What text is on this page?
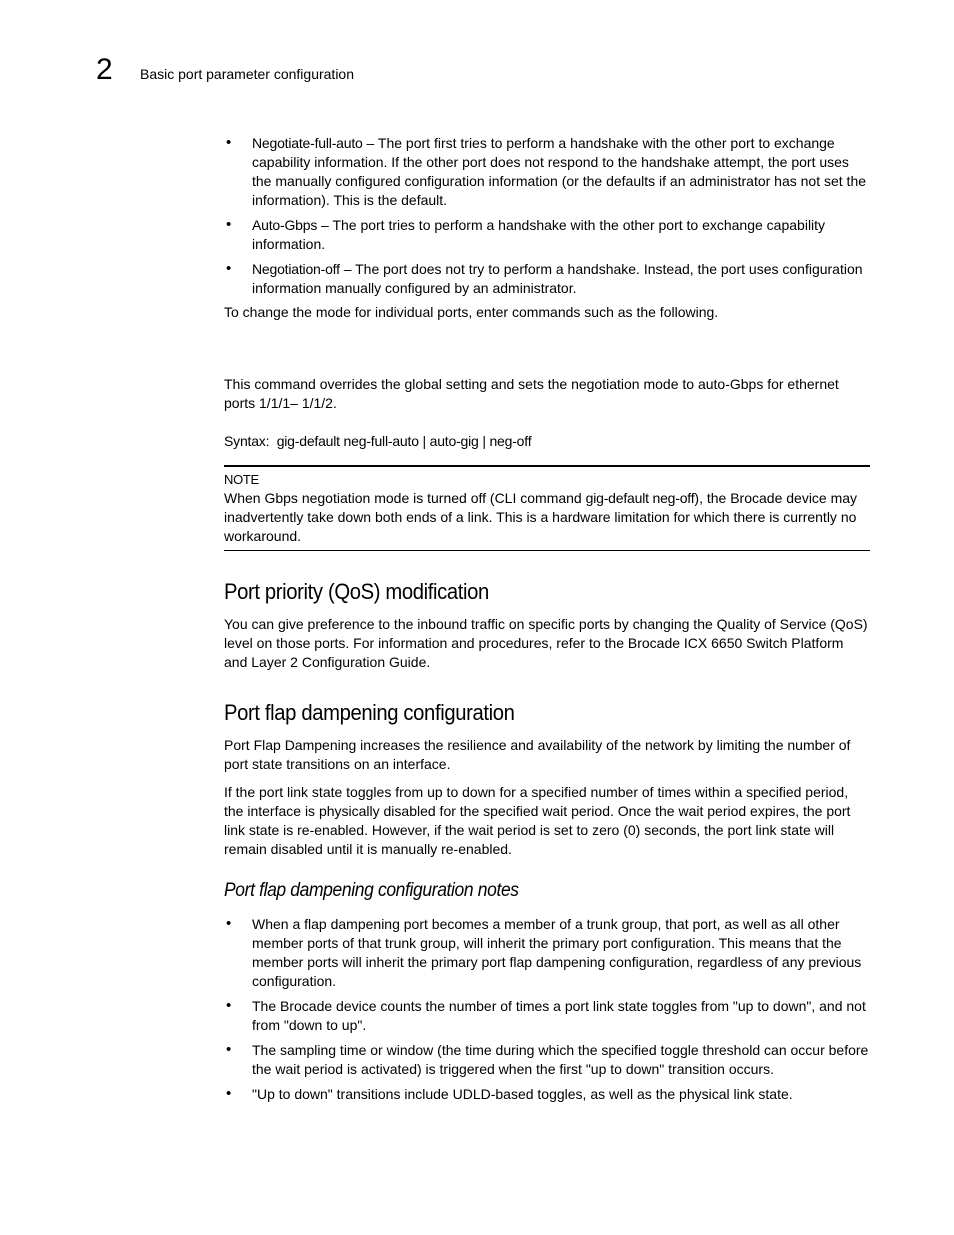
2 Basic port parameter configuration
• Negotiate-full-auto – The port first tries to perform a handshake with the other port to exchange capability information. If the other port does not respond to the handshake attempt, the port uses the manually configured configuration information (or the defaults if an administrator has not set the information). This is the default.
• Auto-Gbps – The port tries to perform a handshake with the other port to exchange capability information.
• Negotiation-off – The port does not try to perform a handshake. Instead, the port uses configuration information manually configured by an administrator.

To change the mode for individual ports, enter commands such as the following.

This command overrides the global setting and sets the negotiation mode to auto-Gbps for ethernet ports 1/1/1– 1/1/2.

Syntax: gig-default neg-full-auto | auto-gig | neg-off

NOTE

When Gbps negotiation mode is turned off (CLI command gig-default neg-off), the Brocade device may inadvertently take down both ends of a link. This is a hardware limitation for which there is currently no workaround.

Port priority (QoS) modification

You can give preference to the inbound traffic on specific ports by changing the Quality of Service (QoS) level on those ports. For information and procedures, refer to the Brocade ICX 6650 Switch Platform and Layer 2 Configuration Guide.

Port flap dampening configuration

Port Flap Dampening increases the resilience and availability of the network by limiting the number of port state transitions on an interface.

If the port link state toggles from up to down for a specified number of times within a specified period, the interface is physically disabled for the specified wait period. Once the wait period expires, the port link state is re-enabled. However, if the wait period is set to zero (0) seconds, the port link state will remain disabled until it is manually re-enabled.

Port flap dampening configuration notes
• When a flap dampening port becomes a member of a trunk group, that port, as well as all other member ports of that trunk group, will inherit the primary port configuration. This means that the member ports will inherit the primary port flap dampening configuration, regardless of any previous configuration.
• The Brocade device counts the number of times a port link state toggles from "up to down", and not from "down to up".
• The sampling time or window (the time during which the specified toggle threshold can occur before the wait period is activated) is triggered when the first "up to down" transition occurs.
• "Up to down" transitions include UDLD-based toggles, as well as the physical link state.
